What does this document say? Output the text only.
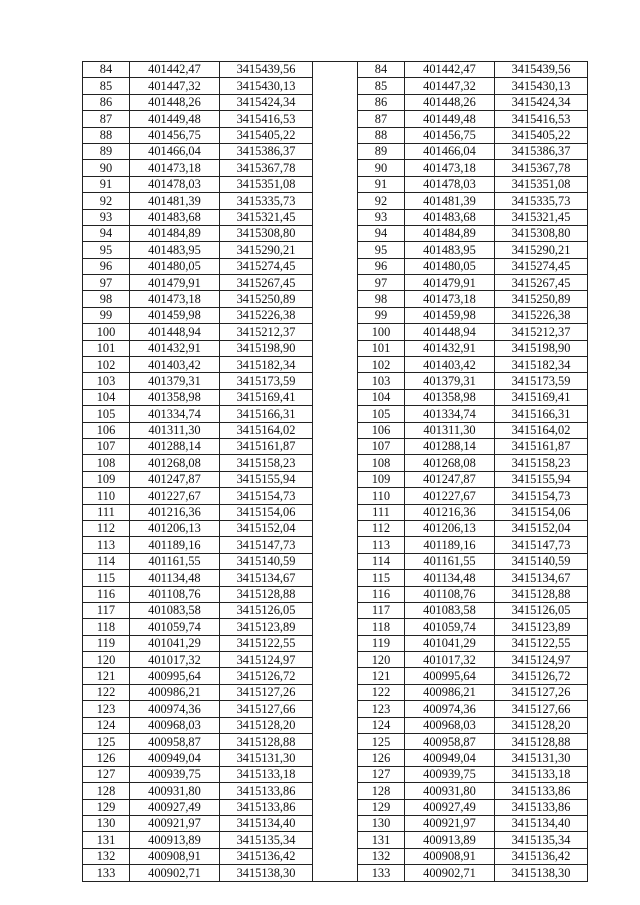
84	401442,47	3415439,56		84	401442,47	3415439,56
85	401447,32	3415430,13		85	401447,32	3415430,13
86	401448,26	3415424,34		86	401448,26	3415424,34
87	401449,48	3415416,53		87	401449,48	3415416,53
88	401456,75	3415405,22		88	401456,75	3415405,22
89	401466,04	3415386,37		89	401466,04	3415386,37
90	401473,18	3415367,78		90	401473,18	3415367,78
91	401478,03	3415351,08		91	401478,03	3415351,08
92	401481,39	3415335,73		92	401481,39	3415335,73
93	401483,68	3415321,45		93	401483,68	3415321,45
94	401484,89	3415308,80		94	401484,89	3415308,80
95	401483,95	3415290,21		95	401483,95	3415290,21
96	401480,05	3415274,45		96	401480,05	3415274,45
97	401479,91	3415267,45		97	401479,91	3415267,45
98	401473,18	3415250,89		98	401473,18	3415250,89
99	401459,98	3415226,38		99	401459,98	3415226,38
100	401448,94	3415212,37		100	401448,94	3415212,37
101	401432,91	3415198,90		101	401432,91	3415198,90
102	401403,42	3415182,34		102	401403,42	3415182,34
103	401379,31	3415173,59		103	401379,31	3415173,59
104	401358,98	3415169,41		104	401358,98	3415169,41
105	401334,74	3415166,31		105	401334,74	3415166,31
106	401311,30	3415164,02		106	401311,30	3415164,02
107	401288,14	3415161,87		107	401288,14	3415161,87
108	401268,08	3415158,23		108	401268,08	3415158,23
109	401247,87	3415155,94		109	401247,87	3415155,94
110	401227,67	3415154,73		110	401227,67	3415154,73
111	401216,36	3415154,06		111	401216,36	3415154,06
112	401206,13	3415152,04		112	401206,13	3415152,04
113	401189,16	3415147,73		113	401189,16	3415147,73
114	401161,55	3415140,59		114	401161,55	3415140,59
115	401134,48	3415134,67		115	401134,48	3415134,67
116	401108,76	3415128,88		116	401108,76	3415128,88
117	401083,58	3415126,05		117	401083,58	3415126,05
118	401059,74	3415123,89		118	401059,74	3415123,89
119	401041,29	3415122,55		119	401041,29	3415122,55
120	401017,32	3415124,97		120	401017,32	3415124,97
121	400995,64	3415126,72		121	400995,64	3415126,72
122	400986,21	3415127,26		122	400986,21	3415127,26
123	400974,36	3415127,66		123	400974,36	3415127,66
124	400968,03	3415128,20		124	400968,03	3415128,20
125	400958,87	3415128,88		125	400958,87	3415128,88
126	400949,04	3415131,30		126	400949,04	3415131,30
127	400939,75	3415133,18		127	400939,75	3415133,18
128	400931,80	3415133,86		128	400931,80	3415133,86
129	400927,49	3415133,86		129	400927,49	3415133,86
130	400921,97	3415134,40		130	400921,97	3415134,40
131	400913,89	3415135,34		131	400913,89	3415135,34
132	400908,91	3415136,42		132	400908,91	3415136,42
133	400902,71	3415138,30		133	400902,71	3415138,30
